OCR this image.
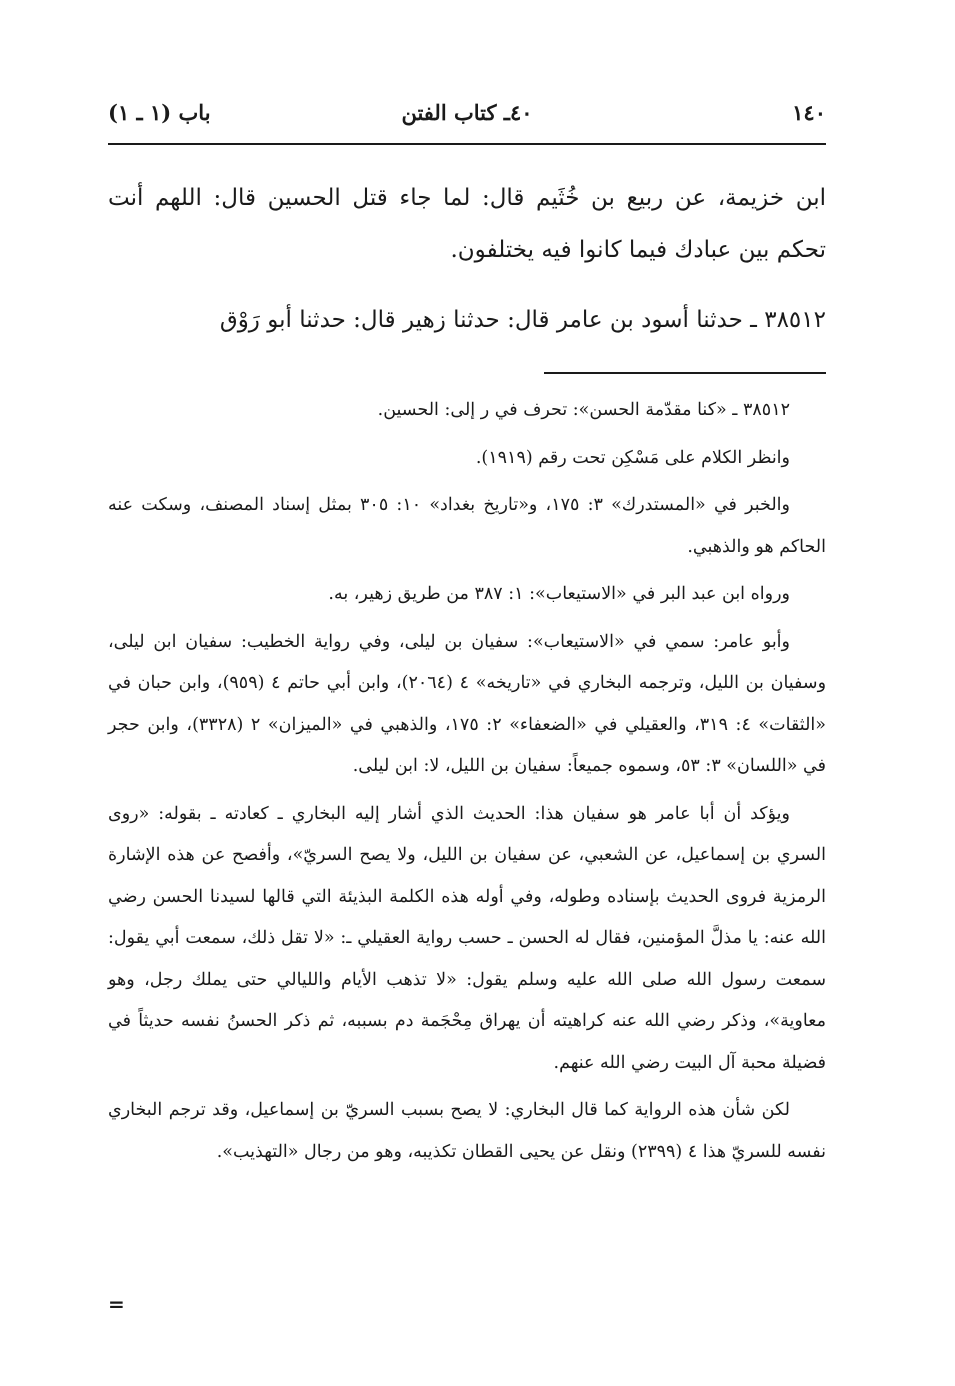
١٤٠
٤٠ـ كتاب الفتن
باب (١ ـ ١)

ابن خزيمة، عن ربيع بن خُثَيم قال: لما جاء قتل الحسين قال: اللهم أنت تحكم بين عبادك فيما كانوا فيه يختلفون.

٣٨٥١٢ ـ حدثنا أسود بن عامر قال: حدثنا زهير قال: حدثنا أبو رَوْق

٣٨٥١٢ ـ «كنا مقدّمة الحسن»: تحرف في ر إلى: الحسين.

وانظر الكلام على مَسْكِن تحت رقم (١٩١٩).

والخبر في «المستدرك» ٣: ١٧٥، و«تاريخ بغداد» ١٠: ٣٠٥ بمثل إسناد المصنف، وسكت عنه الحاكم هو والذهبي.

ورواه ابن عبد البر في «الاستيعاب»: ١: ٣٨٧ من طريق زهير، به.

وأبو عامر: سمي في «الاستيعاب»: سفيان بن ليلى، وفي رواية الخطيب: سفيان ابن ليلى، وسفيان بن الليل، وترجمه البخاري في «تاريخه» ٤ (٢٠٦٤)، وابن أبي حاتم ٤ (٩٥٩)، وابن حبان في «الثقات» ٤: ٣١٩، والعقيلي في «الضعفاء» ٢: ١٧٥، والذهبي في «الميزان» ٢ (٣٣٢٨)، وابن حجر في «اللسان» ٣: ٥٣، وسموه جميعاً: سفيان بن الليل، لا: ابن ليلى.

ويؤكد أن أبا عامر هو سفيان هذا: الحديث الذي أشار إليه البخاري ـ كعادته ـ بقوله: «روى السري بن إسماعيل، عن الشعبي، عن سفيان بن الليل، ولا يصح السريّ»، وأفصح عن هذه الإشارة الرمزية فروى الحديث بإسناده وطوله، وفي أوله هذه الكلمة البذيئة التي قالها لسيدنا الحسن رضي الله عنه: يا مذلَّ المؤمنين، فقال له الحسن ـ حسب رواية العقيلي ـ: «لا تقل ذلك، سمعت أبي يقول: سمعت رسول الله صلى الله عليه وسلم يقول: «لا تذهب الأيام والليالي حتى يملك رجل، وهو معاوية»، وذكر رضي الله عنه كراهيته أن يهراق مِحْجَمة دم بسببه، ثم ذكر الحسنُ نفسه حديثاً في فضيلة محبة آل البيت رضي الله عنهم.

لكن شأن هذه الرواية كما قال البخاري: لا يصح بسبب السريّ بن إسماعيل، وقد ترجم البخاري نفسه للسريّ هذا ٤ (٢٣٩٩) ونقل عن يحيى القطان تكذيبه، وهو من رجال «التهذيب».

=
